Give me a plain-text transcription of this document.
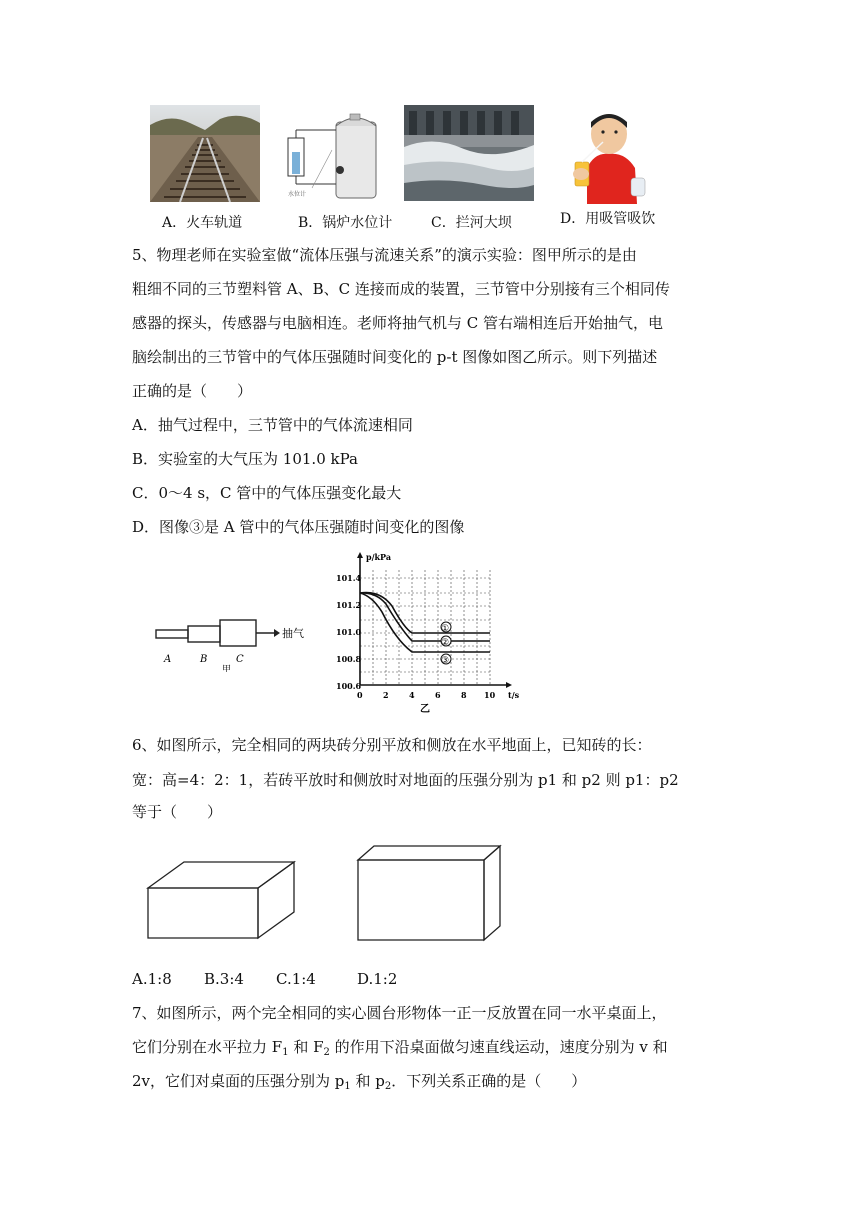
水位计
A．火车轨道	B．锅炉水位计	C．拦河大坝	D．用吸管吸饮
5、物理老师在实验室做“流体压强与流速关系”的演示实验：图甲所示的是由
粗细不同的三节塑料管 A、B、C 连接而成的装置，三节管中分别接有三个相同传
感器的探头，传感器与电脑相连。老师将抽气机与 C 管右端相连后开始抽气，电
脑绘制出的三节管中的气体压强随时间变化的 p-t 图像如图乙所示。则下列描述
正确的是（　　）
A．抽气过程中，三节管中的气体流速相同
B．实验室的大气压为 101.0 kPa
C．0～4 s，C 管中的气体压强变化最大
D．图像③是 A 管中的气体压强随时间变化的图像
抽气
A	B	C
甲
p/kPa
t/s
101.4
101.2
101.0
100.8
100.6
0	2	4	6	8 10
①
②
③
乙
6、如图所示，完全相同的两块砖分别平放和侧放在水平地面上，已知砖的长：
宽：高=4：2：1，若砖平放时和侧放时对地面的压强分别为 p1 和 p2 则 p1：p2
等于（　　）
A.1:8 B.3:4 C.1:4	D.1:2
7、如图所示，两个完全相同的实心圆台形物体一正一反放置在同一水平桌面上，
它们分别在水平拉力 $F_1$ 和 $F_2$ 的作用下沿桌面做匀速直线运动，速度分别为 v 和
2v，它们对桌面的压强分别为 $p_1$ 和 $p_2$．下列关系正确的是（　　）
